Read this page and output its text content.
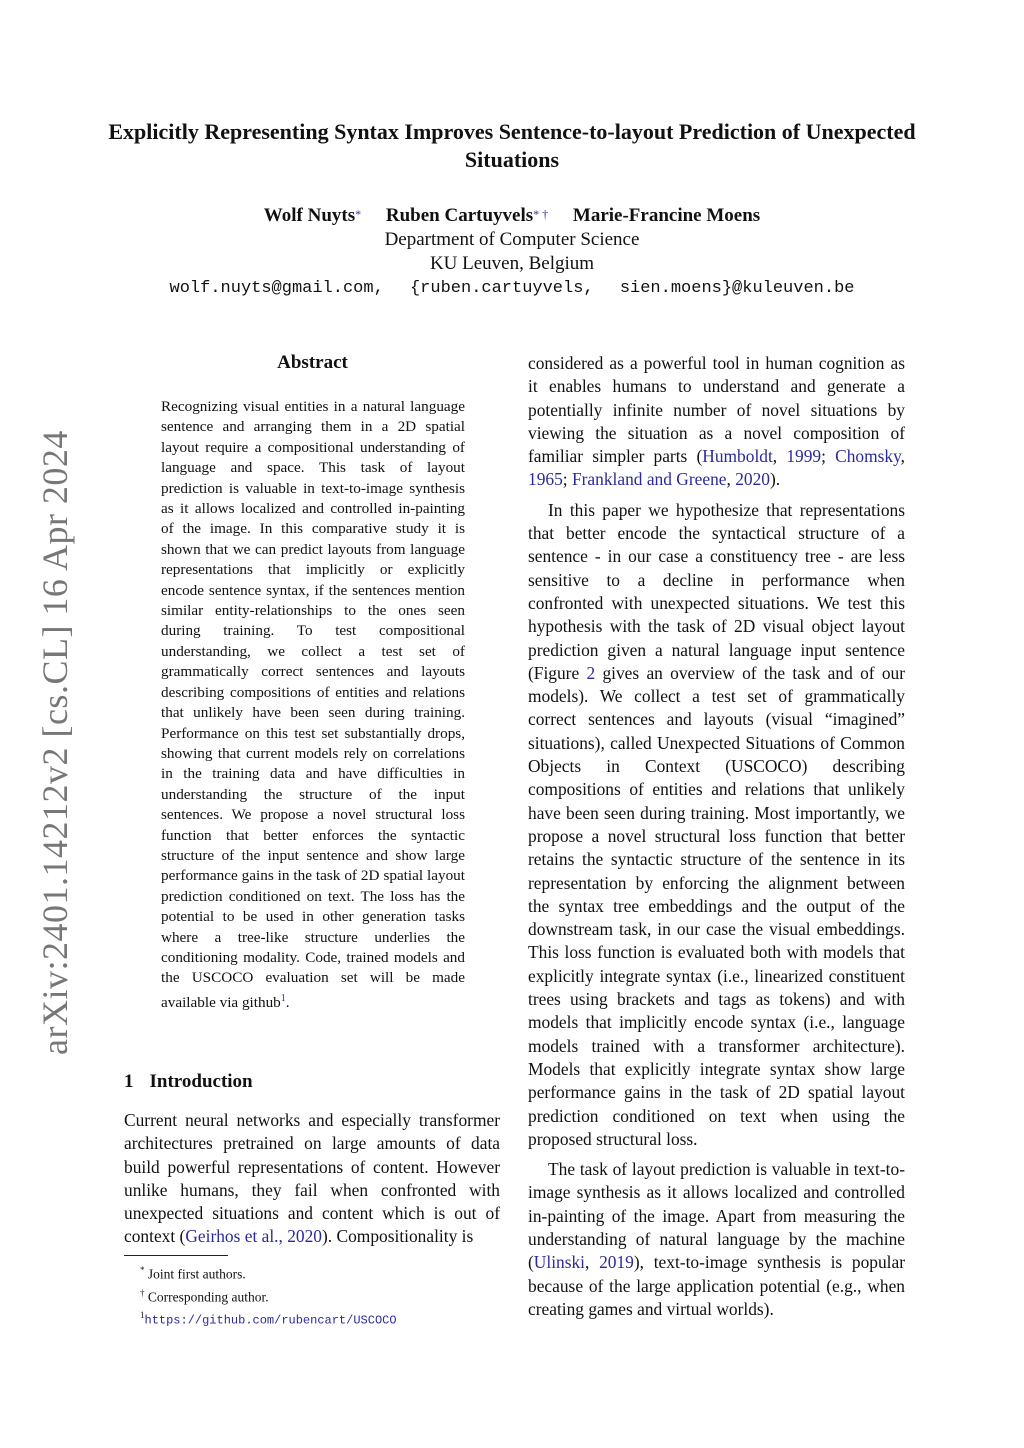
Explicitly Representing Syntax Improves Sentence-to-layout Prediction of Unexpected Situations
Wolf Nuyts* Ruben Cartuyvels* † Marie-Francine Moens
Department of Computer Science
KU Leuven, Belgium
wolf.nuyts@gmail.com, {ruben.cartuyvels, sien.moens}@kuleuven.be
arXiv:2401.14212v2 [cs.CL] 16 Apr 2024
Abstract
Recognizing visual entities in a natural language sentence and arranging them in a 2D spatial layout require a compositional understanding of language and space. This task of layout prediction is valuable in text-to-image synthesis as it allows localized and controlled in-painting of the image. In this comparative study it is shown that we can predict layouts from language representations that implicitly or explicitly encode sentence syntax, if the sentences mention similar entity-relationships to the ones seen during training. To test compositional understanding, we collect a test set of grammatically correct sentences and layouts describing compositions of entities and relations that unlikely have been seen during training. Performance on this test set substantially drops, showing that current models rely on correlations in the training data and have difficulties in understanding the structure of the input sentences. We propose a novel structural loss function that better enforces the syntactic structure of the input sentence and show large performance gains in the task of 2D spatial layout prediction conditioned on text. The loss has the potential to be used in other generation tasks where a tree-like structure underlies the conditioning modality. Code, trained models and the USCOCO evaluation set will be made available via github$^1$.
1 Introduction
Current neural networks and especially transformer architectures pretrained on large amounts of data build powerful representations of content. However unlike humans, they fail when confronted with unexpected situations and content which is out of context (Geirhos et al., 2020). Compositionality is
* Joint first authors.
† Corresponding author.
$^1$https://github.com/rubencart/USCOCO

considered as a powerful tool in human cognition as it enables humans to understand and generate a potentially infinite number of novel situations by viewing the situation as a novel composition of familiar simpler parts (Humboldt, 1999; Chomsky, 1965; Frankland and Greene, 2020).

In this paper we hypothesize that representations that better encode the syntactical structure of a sentence - in our case a constituency tree - are less sensitive to a decline in performance when confronted with unexpected situations. We test this hypothesis with the task of 2D visual object layout prediction given a natural language input sentence (Figure 2 gives an overview of the task and of our models). We collect a test set of grammatically correct sentences and layouts (visual “imagined” situations), called Unexpected Situations of Common Objects in Context (USCOCO) describing compositions of entities and relations that unlikely have been seen during training. Most importantly, we propose a novel structural loss function that better retains the syntactic structure of the sentence in its representation by enforcing the alignment between the syntax tree embeddings and the output of the downstream task, in our case the visual embeddings. This loss function is evaluated both with models that explicitly integrate syntax (i.e., linearized constituent trees using brackets and tags as tokens) and with models that implicitly encode syntax (i.e., language models trained with a transformer architecture). Models that explicitly integrate syntax show large performance gains in the task of 2D spatial layout prediction conditioned on text when using the proposed structural loss.

The task of layout prediction is valuable in text-to-image synthesis as it allows localized and controlled in-painting of the image. Apart from measuring the understanding of natural language by the machine (Ulinski, 2019), text-to-image synthesis is popular because of the large application potential (e.g., when creating games and virtual worlds).
